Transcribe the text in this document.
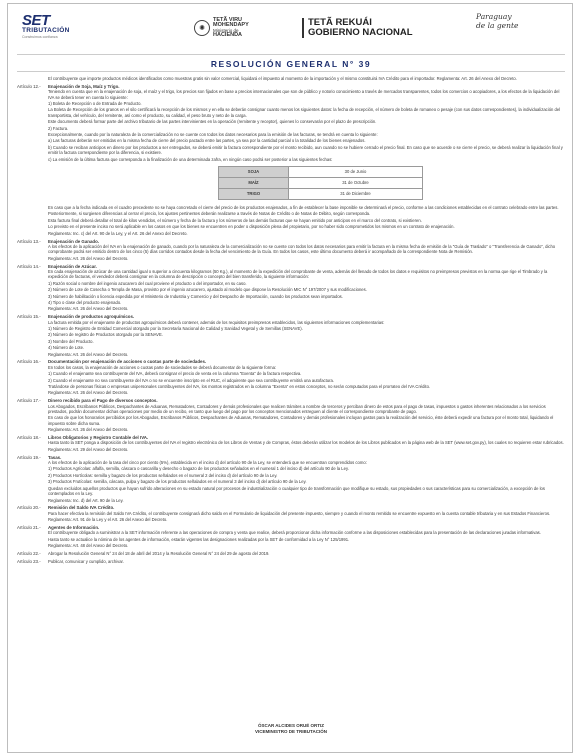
SET
TRIBUTACIÓN
Construimos confianza
✺
TETÃ VIRU
MOHENDAPY
Ministerio de

HACIENDA
TETÃ REKUÁI
GOBIERNO NACIONAL
Paraguay
de la gente
RESOLUCIÓN GENERAL N° 39
El contribuyente que importe productos médicos identificados como muestras gratis sin valor comercial, liquidará el impuesto al momento de la importación y el mismo constituirá IVA Crédito para el importador. Reglamenta: Art. 26 del Anexo del Decreto.
Artículo 12.-	Enajenación de Soja, Maíz y Trigo.
Teniendo en cuenta que en la enajenación de soja, el maíz y el trigo, los precios son fijados en base a precios internacionales que son de público y notorio conocimiento a través de mercados transparentes, todos los comercios o acopiadores, a los efectos de la liquidación del IVA se deberá tener en cuenta lo siguiente:
1) Boleta de Recepción o de Entrada de Producto.
La Boleta de Recepción de los granos en el silo certificará la recepción de los mismos y en ella se deberán consignar cuanto menos los siguientes datos: la fecha de recepción, el número de boleta de romaneo o pesaje (con sus datos correspondientes), la individualización del transportista, del vehículo, del remitente, así como el producto, su calidad, el peso bruto y neto de la carga.
Este documento deberá formar parte del archivo tributario de las partes intervinientes en la operación (remitente y receptor), quienes lo conservarán por el plazo de prescripción.
2) Factura.
Excepcionalmente, cuando por la naturaleza de la comercialización no se cuente con todos los datos necesarios para la emisión de las facturas, se tendrá en cuenta lo siguiente:
a) Las facturas deberán ser emitidas en la misma fecha de cierre del precio pactado entre las partes, ya sea por la cantidad parcial o la totalidad de los bienes enajenados.
b) Cuando se reciban anticipos en dinero por los productos a ser entregados, se deberá emitir la factura correspondiente por el monto recibido, aun cuando no se hubiere cerrado el precio final. En caso que se acuerde o se cierre el precio, se deberá realizar la liquidación final y emitir la factura correspondiente por la diferencia, si existiere.
c) La emisión de la última factura que corresponda a la finalización de una determinada zafra, en ningún caso podrá ser posterior a las siguientes fechas:
SOJA	30 de Junio
MAÍZ	31 de Octubre
TRIGO	31 de Diciembre
En caso que a la fecha indicada en el cuadro precedente no se haya concretado el cierre del precio de los productos enajenados, a fin de establecer la base imponible se determinará el precio, conforme a las condiciones establecidas en el contrato celebrado entre las partes.
Posteriormente, si surgiesen diferencias al cerrar el precio, los ajustes pertinentes deberán realizarse a través de Notas de Crédito o de Notas de Débito, según corresponda.
Esta factura final deberá detallar el total de kilos vendidos, el número y fecha de la factura y los números de las demás facturas que se hayan emitido por anticipos en el marco del contrato, si existieren.
Lo previsto en el presente inciso no será aplicable en los casos en que los bienes se encuentren en poder o disposición plena del propietario, por no haber sido comprometidos los mismos en un contrato de enajenación.
Reglamenta: Inc. c) del Art. 90 de la Ley, y el Art. 26 del Anexo del Decreto.
Artículo 13.-	Enajenación de Ganado.
A los efectos de la aplicación del IVA en la enajenación de ganado, cuando por la naturaleza de la comercialización no se cuente con todos los datos necesarios para emitir la factura en la misma fecha de emisión de la "Guía de Traslado" o "Transferencia de Ganado", dicho comprobante podrá ser emitido dentro de los cinco (5) días corridos contados desde la fecha del vencimiento de la Guía. En todos los casos, este último documento deberá ir acompañado de la correspondiente Nota de Remisión.
Reglamenta: Art. 26 del Anexo del Decreto.
Artículo 14.-	Enajenación de Azúcar.
En cada enajenación de azúcar de una cantidad igual o superior a cincuenta kilogramos (50 Kg.), al momento de la expedición del comprobante de venta, además del llenado de todos los datos e requisitos no preimpresos previstos en la norma que rige el Timbrado y la expedición de facturas, el vendedor deberá consignar en la columna de descripción o concepto del bien transferido, la siguiente información:
1) Razón social o nombre del ingenio azucarero del cual proviene el producto o del importador, en su caso.
2) Número de Lote de Cosecha o Templa de Masa, provisto por el ingenio azucarero, ajustado al modelo que dispone la Resolución MIC N° 197/2007 y sus modificaciones.
3) Número de habilitación o licencia expedida por el Ministerio de Industria y Comercio y del Despacho de Importación, cuando los productos sean importados.
4) Tipo o clase del producto enajenado.
Reglamenta: Art. 26 del Anexo del Decreto.
Artículo 15.-	Enajenación de productos agroquímicos.
La factura emitida por el enajenante de productos agroquímicos deberá contener, además de los requisitos preimpresos establecidos, las siguientes informaciones complementarias:
1) Número de Registro de Entidad Comercial otorgado por la Secretaría Nacional de Calidad y Sanidad Vegetal y de Semillas (SENAVE).
2) Número de registro de Productos otorgado por la SENAVE.
3) Nombre del Producto.
4) Número de Lote.
Reglamenta: Art. 26 del Anexo del Decreto.
Artículo 16.-	Documentación por enajenación de acciones o cuotas parte de sociedades.
En todos los casos, la enajenación de acciones o cuotas parte de sociedades se deberá documentar de la siguiente forma:
1) Cuando el enajenante sea contribuyente del IVA, deberá consignar el precio de venta en la columna "Exenta" de la factura respectiva.
2) Cuando el enajenante no sea contribuyente del IVA o no se encuentre inscripto en el RUC, el adquirente que sea contribuyente emitirá una autofactura.
Tratándose de personas físicas o empresas unipersonales contribuyentes del IVA, los montos registrados en la columna "Exenta" en estos conceptos, no serán computados para el prorrateo del IVA Crédito.
Reglamenta: Art. 26 del Anexo del Decreto.
Artículo 17.-	Dinero recibido para el Pago de diversos conceptos.
Los Abogados, Escribanos Públicos, Despachantes de Aduanas, Rematadores, Contadores y demás profesionales que realicen trámites a nombre de terceros y perciban dinero de estos para el pago de tasas, impuestos o gastos inherentes relacionados a los servicios prestados, podrán documentar dichas operaciones por medio de un recibo, en tanto que luego del pago por los conceptos mencionados entreguen al cliente el correspondiente comprobante de pago.
En caso de que los honorarios percibidos por los Abogados, Escribanos Públicos, Despachantes de Aduanas, Rematadores, Contadores y demás profesionales incluyan gastos para la realización del servicio, éste deberá expedir una factura por el monto total, liquidando el impuesto sobre dicha suma.
Reglamenta: Art. 26 del Anexo del Decreto.
Artículo 18.-	Libros Obligatorios y Registro Contable del IVA.
Hasta tanto la SET ponga a disposición de los contribuyentes del IVA el registro electrónico de los Libros de Ventas y de Compras, éstos deberán utilizar los modelos de los Libros publicados en la página web de la SET (www.set.gov.py), los cuales no requieren estar rubricados.
Reglamenta: Art. 29 del Anexo del Decreto.
Artículo 19.-	Tasas.
A los efectos de la aplicación de la tasa del cinco por ciento (5%), establecida en el inciso d) del artículo 90 de la Ley, se entenderá que se encuentran comprendidos como:
1) Productos Agrícolas: alfalfa, semilla, cáscara o cascarilla y desecho o bagazo de los productos señalados en el numeral 1 del inciso d) del artículo 90 de la Ley.
2) Productos Hortícolas: semilla y bagazo de los productos señalados en el numeral 2 del inciso d) del artículo 90 de la Ley.
3) Productos Frutícolas: semilla, cáscara, pulpa y bagazo de los productos señalados en el numeral 3 del inciso d) del artículo 90 de la Ley.
Quedan excluidos aquellos productos que hayan sufrido alteraciones en su estado natural por procesos de industrialización o cualquier tipo de transformación que modifique su estado, sus propiedades o sus características para su comercialización, a excepción de los contemplados en la Ley.
Reglamenta: Inc. d) del Art. 90 de la Ley.
Artículo 20.-	Remisión del Saldo IVA Crédito.
Para hacer efectiva la remisión del Saldo IVA Crédito, el contribuyente consignará dicho saldo en el Formulario de liquidación del presente impuesto, siempre y cuando el monto remitido se encuentre expuesto en la cuenta contable tributaria y en sus Estados Financieros.
Reglamenta: Art. 91 de la Ley y el Art. 26 del Anexo del Decreto.
Artículo 21.-	Agentes de Información.
El contribuyente obligado a suministrar a la SET información referente a las operaciones de compra y venta que realice, deberá proporcionar dicha información conforme a las disposiciones establecidas para la presentación de las declaraciones juradas informativas.
Hasta tanto se actualice la nómina de los agentes de información, estarán vigentes las designaciones realizadas por la SET de conformidad a la Ley N° 125/1991.
Reglamenta: Art. 48 del Anexo del Decreto.
Artículo 22.-	Abrogar la Resolución General N° 24 del 18 de abril del 2014 y la Resolución General N° 24 del 29 de agosto del 2019.
Artículo 23.-	Publicar, comunicar y cumplido, archivar.
ÓSCAR ALCIDES ORUÉ ORTIZ
VICEMINISTRO DE TRIBUTACIÓN
